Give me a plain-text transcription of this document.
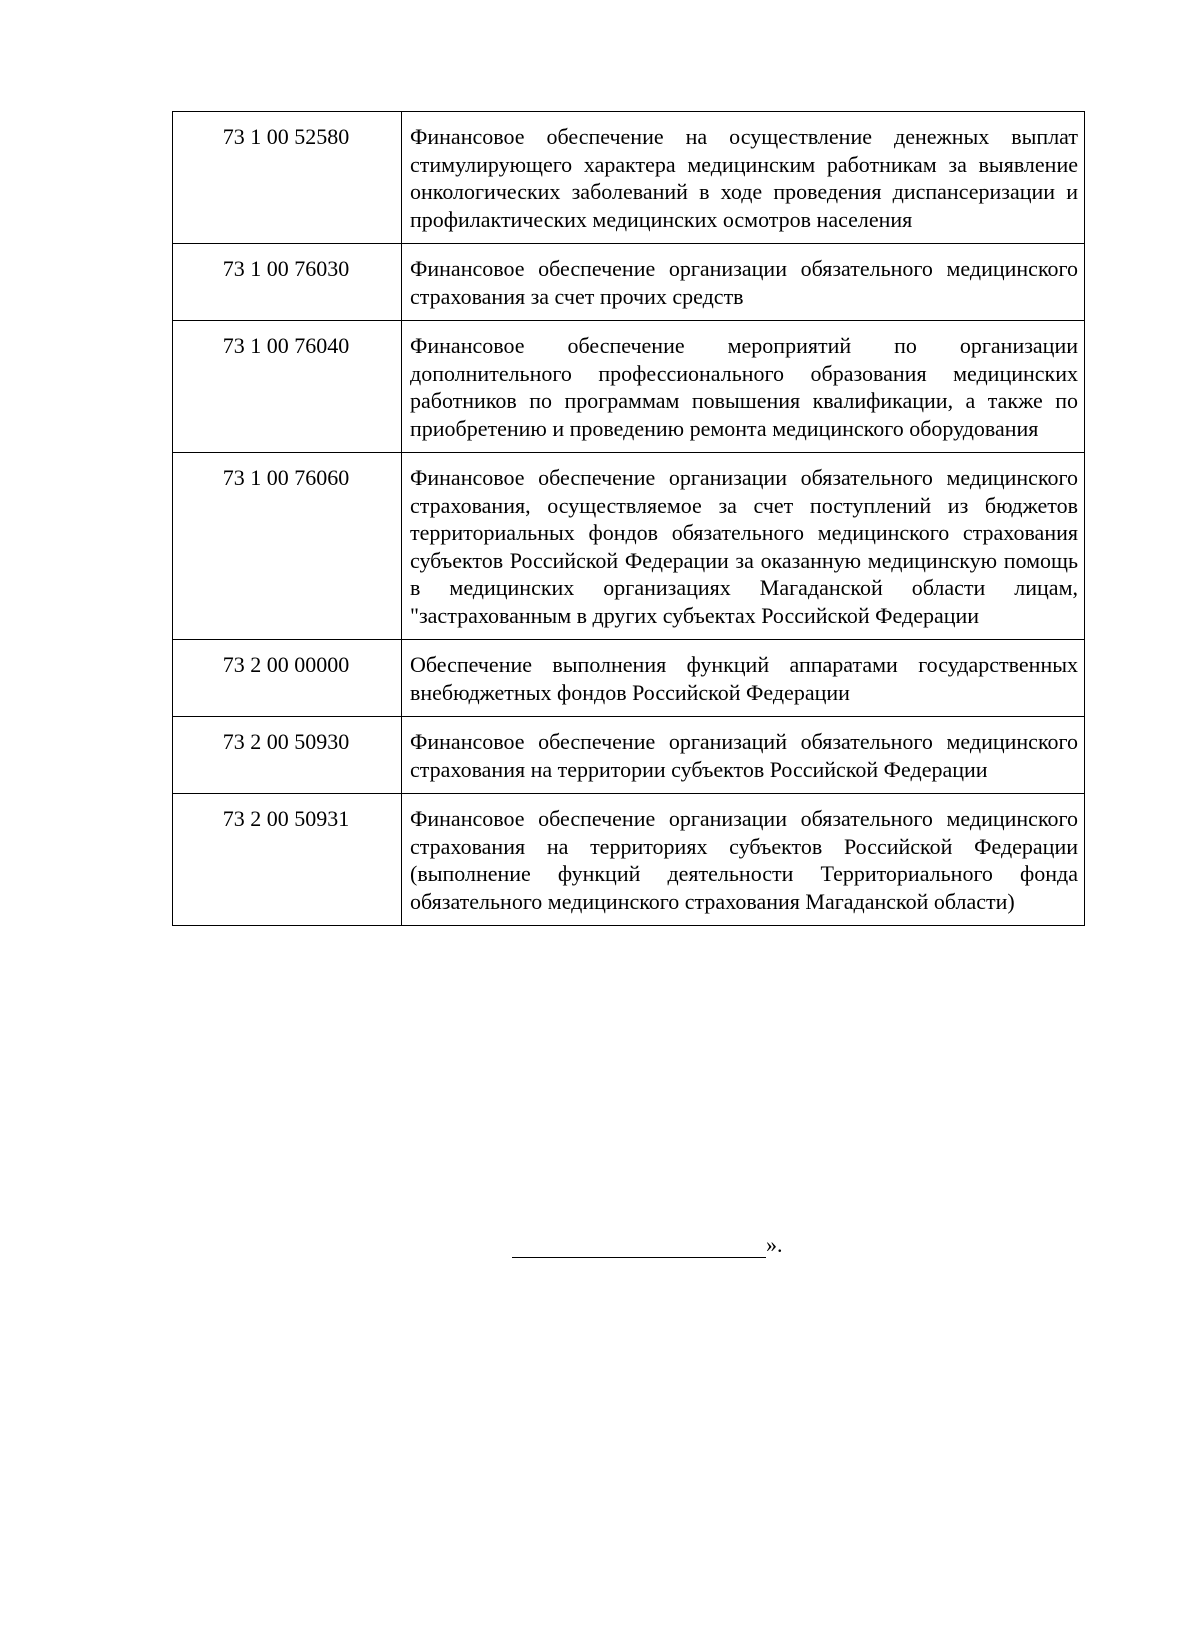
73 1 00 52580	Финансовое обеспечение на осуществление денежных выплат стимулирующего характера медицинским работникам за выявление онкологических заболеваний в ходе проведения диспансеризации и профилактических медицинских осмотров населения
73 1 00 76030	Финансовое обеспечение организации обязательного медицинского страхования за счет прочих средств
73 1 00 76040	Финансовое обеспечение мероприятий по организации дополнительного профессионального образования медицинских работников по программам повышения квалификации, а также по приобретению и проведению ремонта медицинского оборудования
73 1 00 76060	Финансовое обеспечение организации обязательного медицинского страхования, осуществляемое за счет поступлений из бюджетов территориальных фондов обязательного медицинского страхования субъектов Российской Федерации за оказанную медицинскую помощь в медицинских организациях Магаданской области лицам, "застрахованным в других субъектах Российской Федерации
73 2 00 00000	Обеспечение выполнения функций аппаратами государственных внебюджетных фондов Российской Федерации
73 2 00 50930	Финансовое обеспечение организаций обязательного медицинского страхования на территории субъектов Российской Федерации
73 2 00 50931	Финансовое обеспечение организации обязательного медицинского страхования на территориях субъектов Российской Федерации (выполнение функций деятельности Территориального фонда обязательного медицинского страхования Магаданской области)
».
